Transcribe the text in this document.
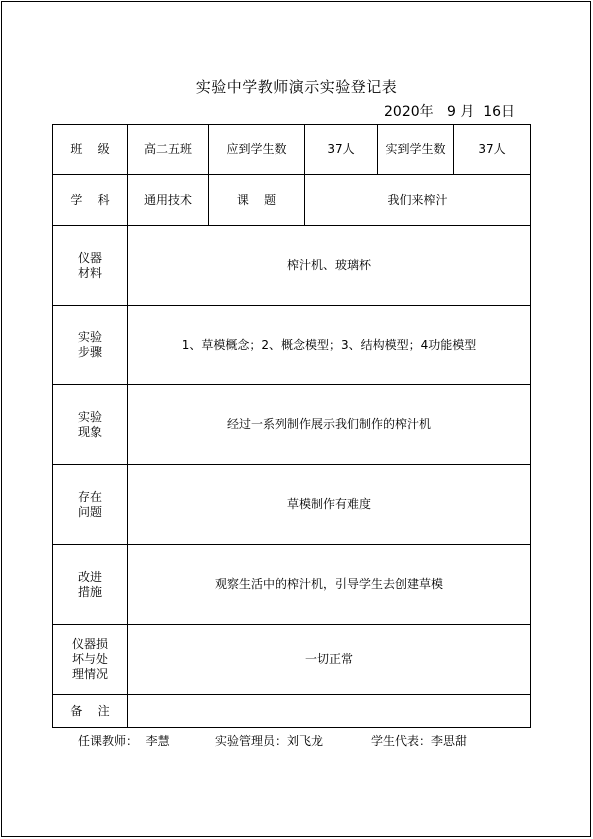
实验中学教师演示实验登记表
2020年   9 月  16日
班    级	高二五班	应到学生数	37人	实到学生数	37人
学    科	通用技术	课    题	我们来榨汁		
仪器
材料	榨汁机、玻璃杯				
实验
步骤	1、草模概念；2、概念模型；3、结构模型；4功能模型				
实验
现象	经过一系列制作展示我们制作的榨汁机				
存在
问题	草模制作有难度				
改进
措施	观察生活中的榨汁机，引导学生去创建草模				
仪器损
坏与处
理情况	一切正常				
备    注					
任课教师：  李慧	实验管理员：刘飞龙	学生代表：李思甜
